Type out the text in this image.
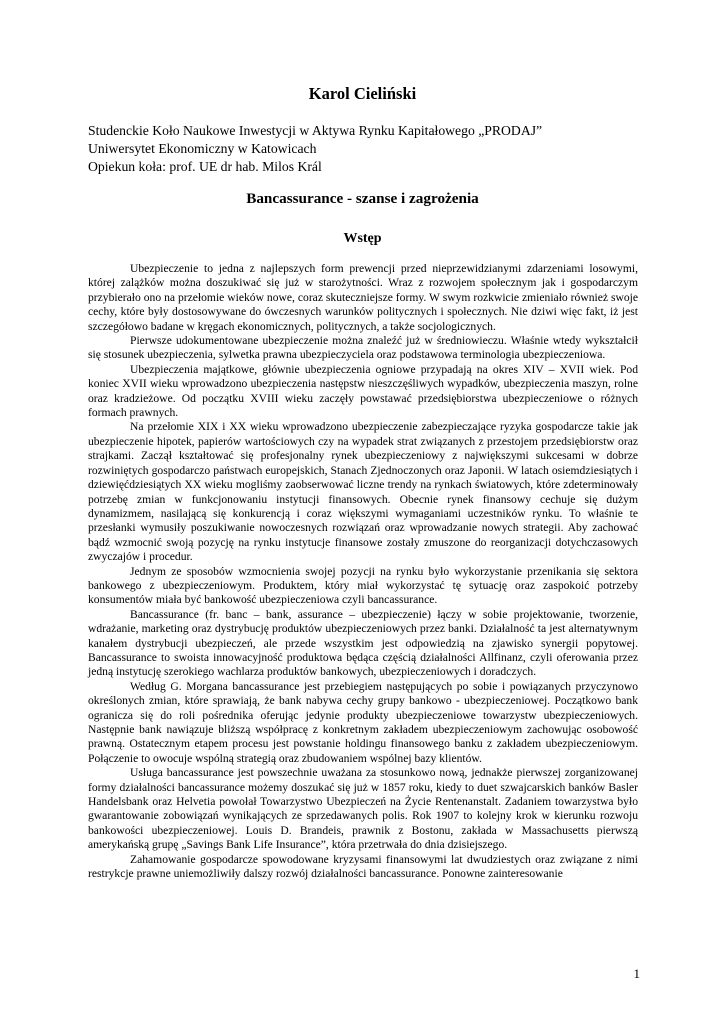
Karol Cieliński
Studenckie Koło Naukowe Inwestycji w Aktywa Rynku Kapitałowego „PRODAJ”
Uniwersytet Ekonomiczny w Katowicach
Opiekun koła: prof. UE dr hab. Milos Král
Bancassurance - szanse i zagrożenia
Wstęp

Ubezpieczenie to jedna z najlepszych form prewencji przed nieprzewidzianymi zdarzeniami losowymi, której zalążków można doszukiwać się już w starożytności. Wraz z rozwojem społecznym jak i gospodarczym przybierało ono na przełomie wieków nowe, coraz skuteczniejsze formy. W swym rozkwicie zmieniało również swoje cechy, które były dostosowywane do ówczesnych warunków politycznych i społecznych. Nie dziwi więc fakt, iż jest szczegółowo badane w kręgach ekonomicznych, politycznych, a także socjologicznych.

Pierwsze udokumentowane ubezpieczenie można znaleźć już w średniowieczu. Właśnie wtedy wykształcił się stosunek ubezpieczenia, sylwetka prawna ubezpieczyciela oraz podstawowa terminologia ubezpieczeniowa.

Ubezpieczenia majątkowe, głównie ubezpieczenia ogniowe przypadają na okres XIV – XVII wiek. Pod koniec XVII wieku wprowadzono ubezpieczenia następstw nieszczęśliwych wypadków, ubezpieczenia maszyn, rolne oraz kradzieżowe. Od początku XVIII wieku zaczęły powstawać przedsiębiorstwa ubezpieczeniowe o różnych formach prawnych.

Na przełomie XIX i XX wieku wprowadzono ubezpieczenie zabezpieczające ryzyka gospodarcze takie jak ubezpieczenie hipotek, papierów wartościowych czy na wypadek strat związanych z przestojem przedsiębiorstw oraz strajkami. Zaczął kształtować się profesjonalny rynek ubezpieczeniowy z największymi sukcesami w dobrze rozwiniętych gospodarczo państwach europejskich, Stanach Zjednoczonych oraz Japonii. W latach osiemdziesiątych i dziewięćdziesiątych XX wieku mogliśmy zaobserwować liczne trendy na rynkach światowych, które zdeterminowały potrzebę zmian w funkcjonowaniu instytucji finansowych. Obecnie rynek finansowy cechuje się dużym dynamizmem, nasilającą się konkurencją i coraz większymi wymaganiami uczestników rynku. To właśnie te przesłanki wymusiły poszukiwanie nowoczesnych rozwiązań oraz wprowadzanie nowych strategii. Aby zachować bądź wzmocnić swoją pozycję na rynku instytucje finansowe zostały zmuszone do reorganizacji dotychczasowych zwyczajów i procedur.

Jednym ze sposobów wzmocnienia swojej pozycji na rynku było wykorzystanie przenikania się sektora bankowego z ubezpieczeniowym. Produktem, który miał wykorzystać tę sytuację oraz zaspokoić potrzeby konsumentów miała być bankowość ubezpieczeniowa czyli bancassurance.

Bancassurance (fr. banc – bank, assurance – ubezpieczenie) łączy w sobie projektowanie, tworzenie, wdrażanie, marketing oraz dystrybucję produktów ubezpieczeniowych przez banki. Działalność ta jest alternatywnym kanałem dystrybucji ubezpieczeń, ale przede wszystkim jest odpowiedzią na zjawisko synergii popytowej. Bancassurance to swoista innowacyjność produktowa będąca częścią działalności Allfinanz, czyli oferowania przez jedną instytucję szerokiego wachlarza produktów bankowych, ubezpieczeniowych i doradczych.

Według G. Morgana bancassurance jest przebiegiem następujących po sobie i powiązanych przyczynowo określonych zmian, które sprawiają, że bank nabywa cechy grupy bankowo - ubezpieczeniowej. Początkowo bank ogranicza się do roli pośrednika oferując jedynie produkty ubezpieczeniowe towarzystw ubezpieczeniowych. Następnie bank nawiązuje bliższą współpracę z konkretnym zakładem ubezpieczeniowym zachowując osobowość prawną. Ostatecznym etapem procesu jest powstanie holdingu finansowego banku z zakładem ubezpieczeniowym. Połączenie to owocuje wspólną strategią oraz zbudowaniem wspólnej bazy klientów.

Usługa bancassurance jest powszechnie uważana za stosunkowo nową, jednakże pierwszej zorganizowanej formy działalności bancassurance możemy doszukać się już w 1857 roku, kiedy to duet szwajcarskich banków Basler Handelsbank oraz Helvetia powołał Towarzystwo Ubezpieczeń na Życie Rentenanstalt. Zadaniem towarzystwa było gwarantowanie zobowiązań wynikających ze sprzedawanych polis. Rok 1907 to kolejny krok w kierunku rozwoju bankowości ubezpieczeniowej. Louis D. Brandeis, prawnik z Bostonu, zakłada w Massachusetts pierwszą amerykańską grupę „Savings Bank Life Insurance”, która przetrwała do dnia dzisiejszego.

Zahamowanie gospodarcze spowodowane kryzysami finansowymi lat dwudziestych oraz związane z nimi restrykcje prawne uniemożliwiły dalszy rozwój działalności bancassurance. Ponowne zainteresowanie

1
